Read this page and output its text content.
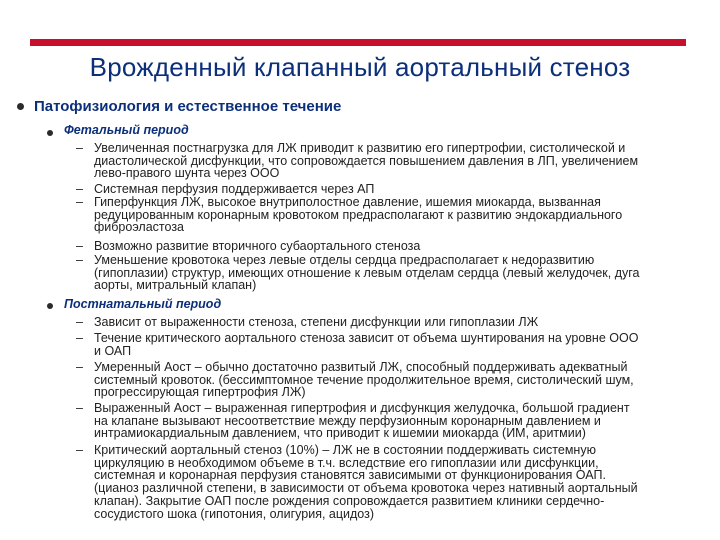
Врожденный клапанный аортальный стеноз
Патофизиология и естественное течение
Фетальный период
– Увеличенная постнагрузка для ЛЖ приводит к развитию его гипертрофии, систолической и
диастолической дисфункции, что сопровождается повышением давления в ЛП, увеличением
лево-правого шунта через ООО
– Системная перфузия поддерживается через АП
– Гиперфункция ЛЖ, высокое внутриполостное давление, ишемия миокарда, вызванная
редуцированным коронарным кровотоком предрасполагают к развитию эндокардиального
фиброэластоза
– Возможно развитие вторичного субаортального стеноза
– Уменьшение кровотока через левые отделы сердца предрасполагает к недоразвитию
(гипоплазии) структур, имеющих отношение к левым отделам сердца (левый желудочек, дуга
аорты, митральный клапан)
Постнатальный период
– Зависит от выраженности стеноза, степени дисфункции или гипоплазии ЛЖ
– Течение критического аортального стеноза зависит от объема шунтирования на уровне ООО
и ОАП
– Умеренный Аост – обычно достаточно развитый ЛЖ, способный поддерживать адекватный
системный кровоток. (бессимптомное течение продолжительное время, систолический шум,
прогрессирующая гипертрофия ЛЖ)
– Выраженный Аост – выраженная гипертрофия и дисфункция желудочка, большой градиент
на клапане вызывают несоответствие между перфузионным коронарным давлением и
интрамиокардиальным давлением, что приводит к ишемии миокарда (ИМ, аритмии)
– Критический аортальный стеноз (10%) – ЛЖ не в состоянии поддерживать системную
циркуляцию в необходимом объеме в т.ч. вследствие его гипоплазии или дисфункции,
системная и коронарная перфузия становятся зависимыми от функционирования ОАП.
(цианоз различной степени, в зависимости от объема кровотока через нативный аортальный
клапан). Закрытие ОАП после рождения сопровождается развитием клиники сердечно-
сосудистого шока (гипотония, олигурия, ацидоз)
